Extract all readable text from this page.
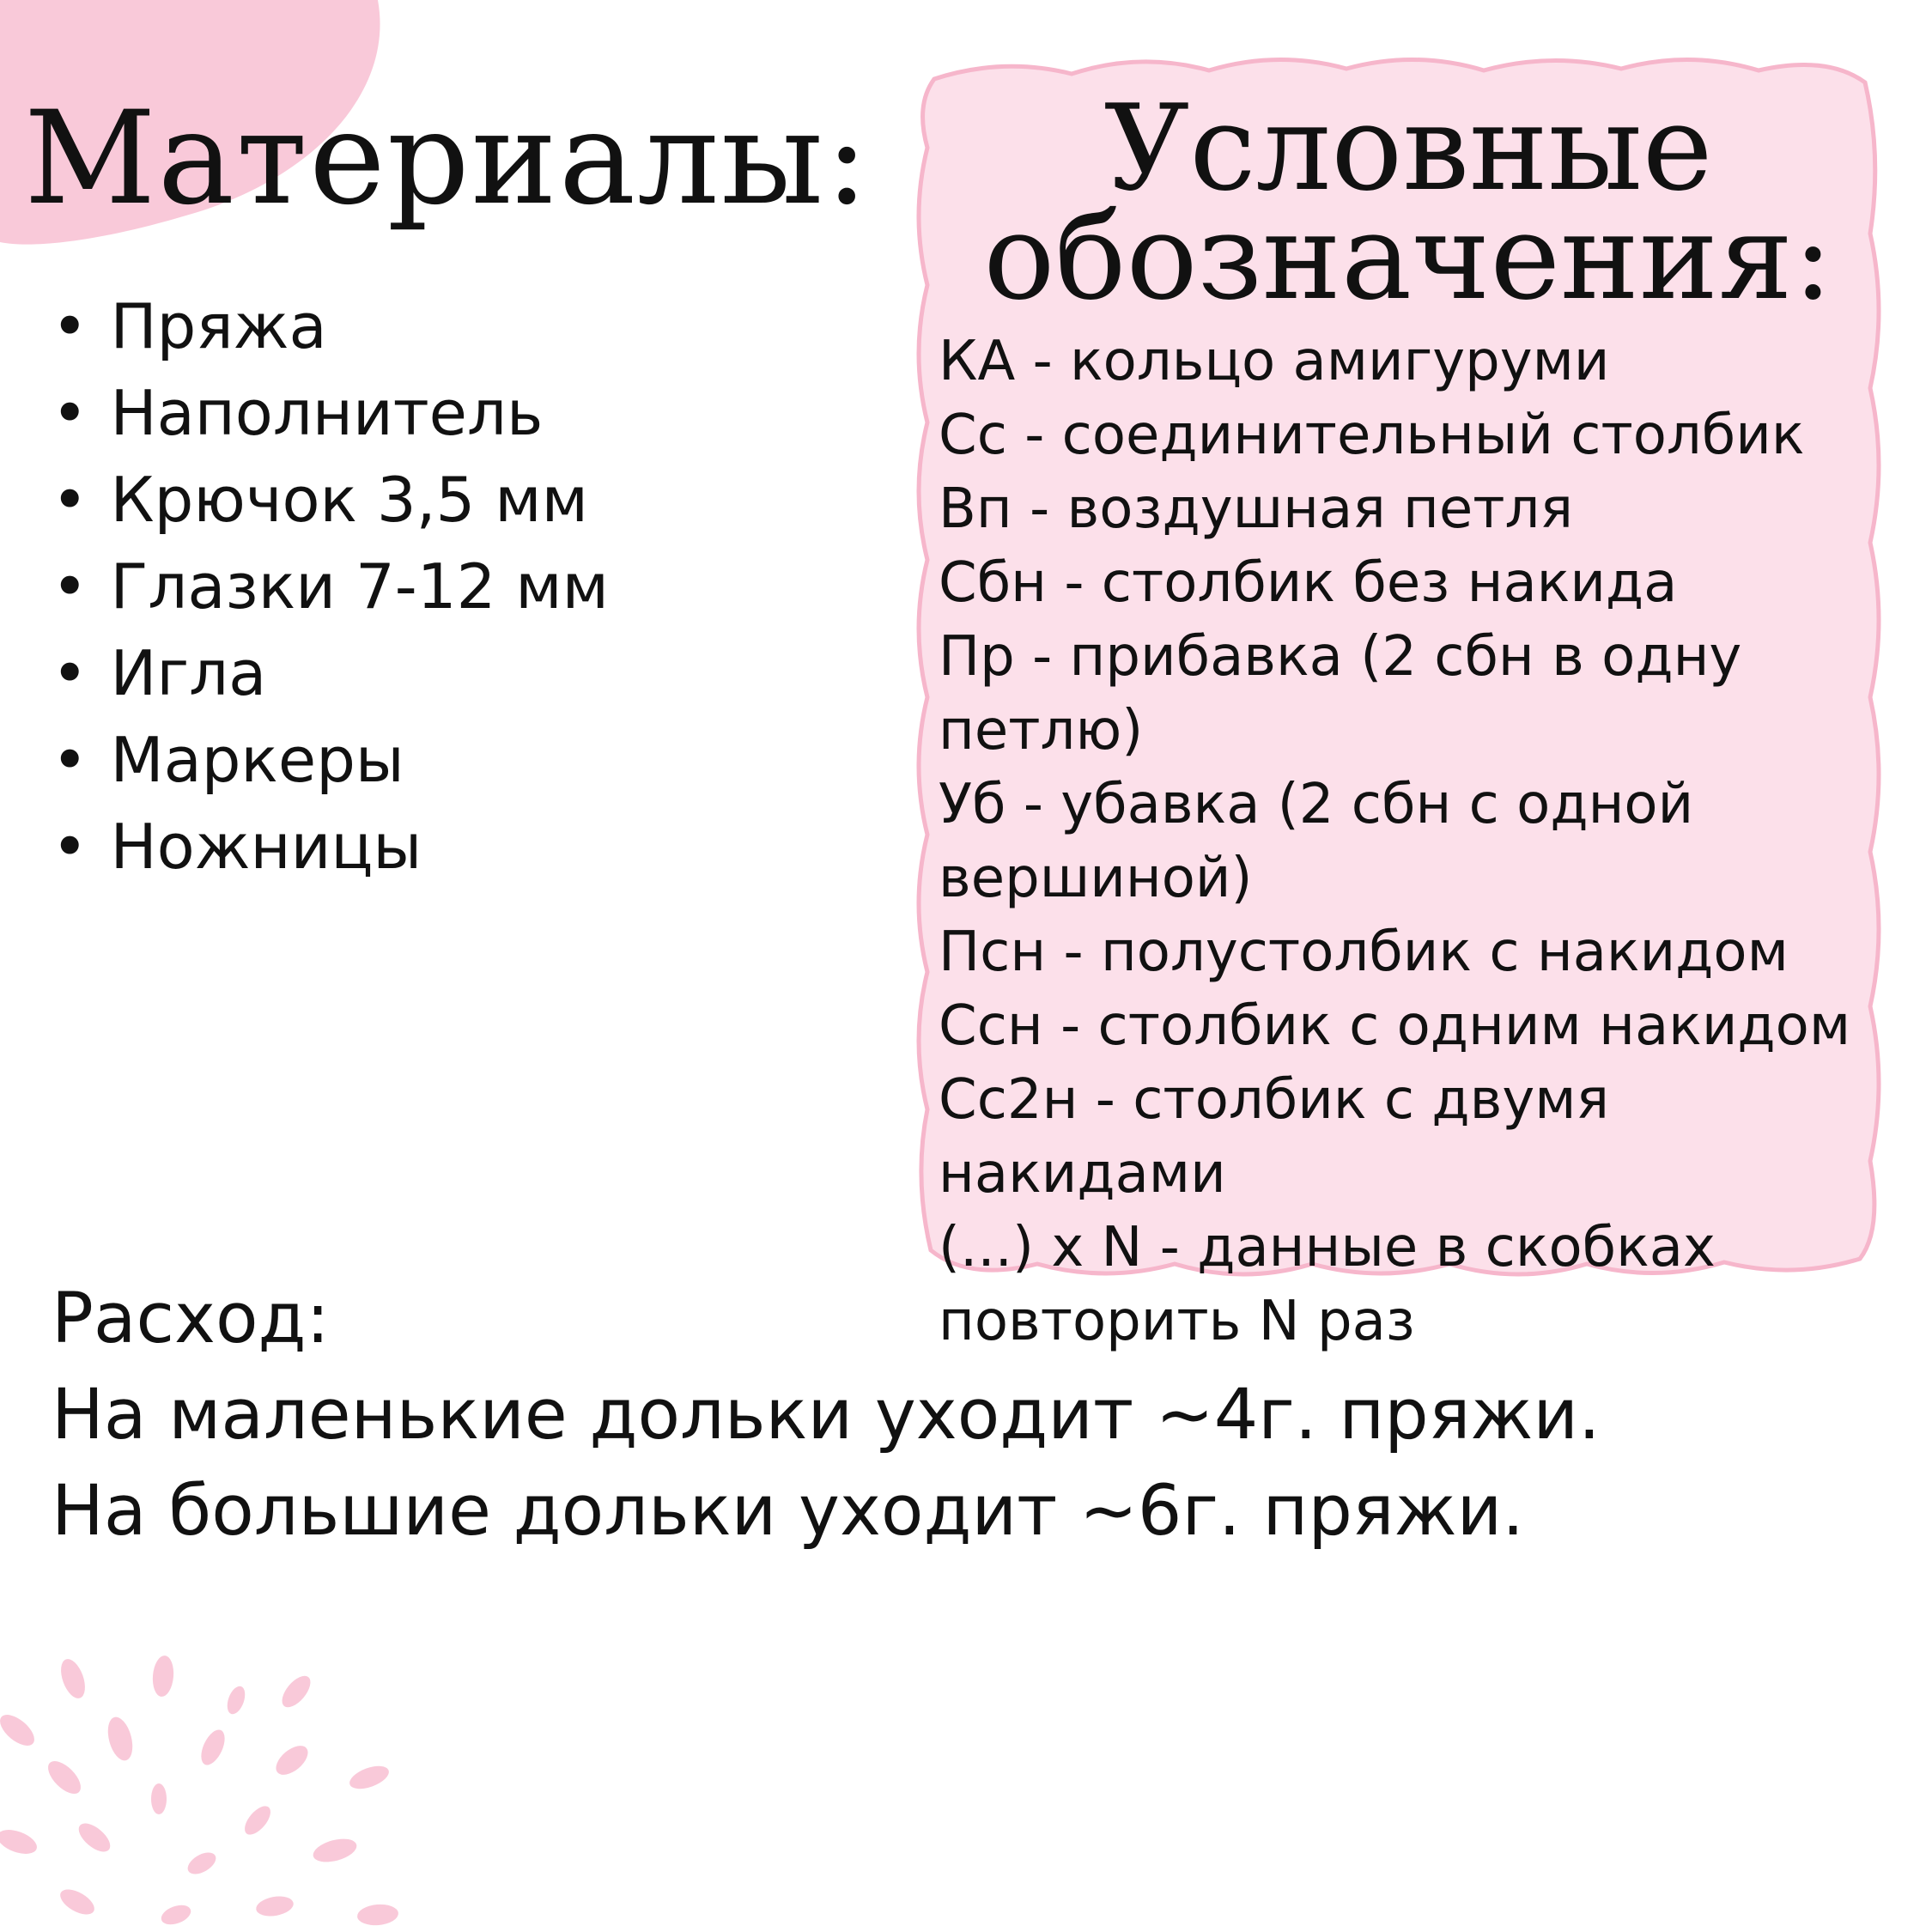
Материалы:
• Пряжа
• Наполнитель
• Крючок 3,5 мм
• Глазки 7-12 мм
• Игла
• Маркеры
• Ножницы
Условные
обозначения:
КА - кольцо амигуруми
Сс - соединительный столбик
Вп - воздушная петля
Сбн - столбик без накида
Пр - прибавка (2 сбн в одну петлю)
Уб - убавка (2 сбн с одной вершиной)
Псн - полустолбик с накидом
Ссн - столбик с одним накидом
Сс2н - столбик с двумя накидами
(...) x N - данные в скобках повторить N раз
Расход:
На маленькие дольки уходит ~4г. пряжи.
На большие дольки уходит ~6г. пряжи.
